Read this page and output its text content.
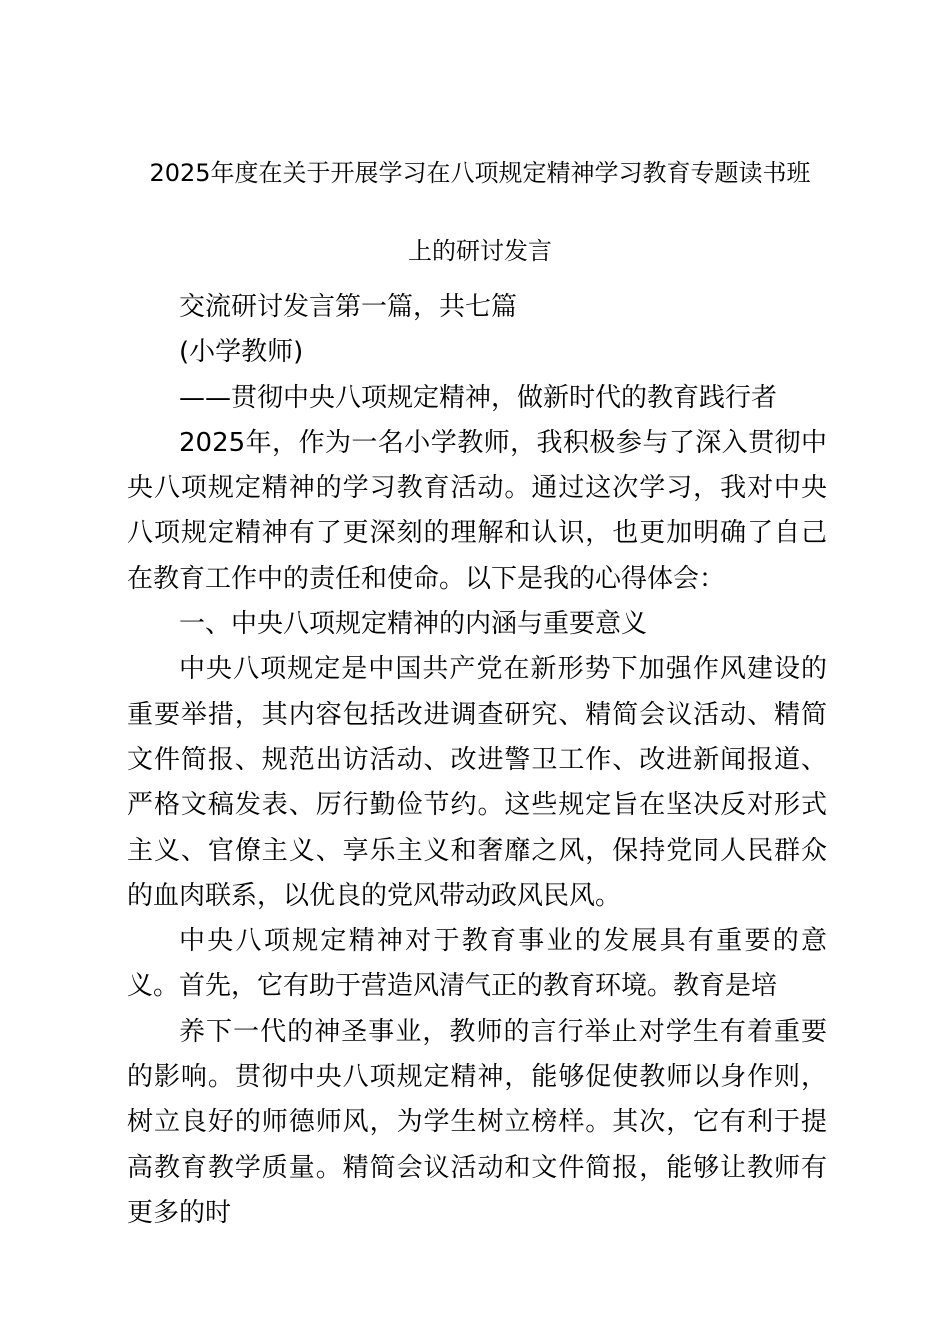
2025年度在关于开展学习在八项规定精神学习教育专题读书班
上的研讨发言

交流研讨发言第一篇，共七篇

(小学教师)

——贯彻中央八项规定精神，做新时代的教育践行者

2025年，作为一名小学教师，我积极参与了深入贯彻中央八项规定精神的学习教育活动。通过这次学习，我对中央八项规定精神有了更深刻的理解和认识，也更加明确了自己在教育工作中的责任和使命。以下是我的心得体会：

一、中央八项规定精神的内涵与重要意义

中央八项规定是中国共产党在新形势下加强作风建设的重要举措，其内容包括改进调查研究、精简会议活动、精简文件简报、规范出访活动、改进警卫工作、改进新闻报道、严格文稿发表、厉行勤俭节约。这些规定旨在坚决反对形式主义、官僚主义、享乐主义和奢靡之风，保持党同人民群众的血肉联系，以优良的党风带动政风民风。

中央八项规定精神对于教育事业的发展具有重要的意义。首先，它有助于营造风清气正的教育环境。教育是培

养下一代的神圣事业，教师的言行举止对学生有着重要的影响。贯彻中央八项规定精神，能够促使教师以身作则，树立良好的师德师风，为学生树立榜样。其次，它有利于提高教育教学质量。精简会议活动和文件简报，能够让教师有更多的时
